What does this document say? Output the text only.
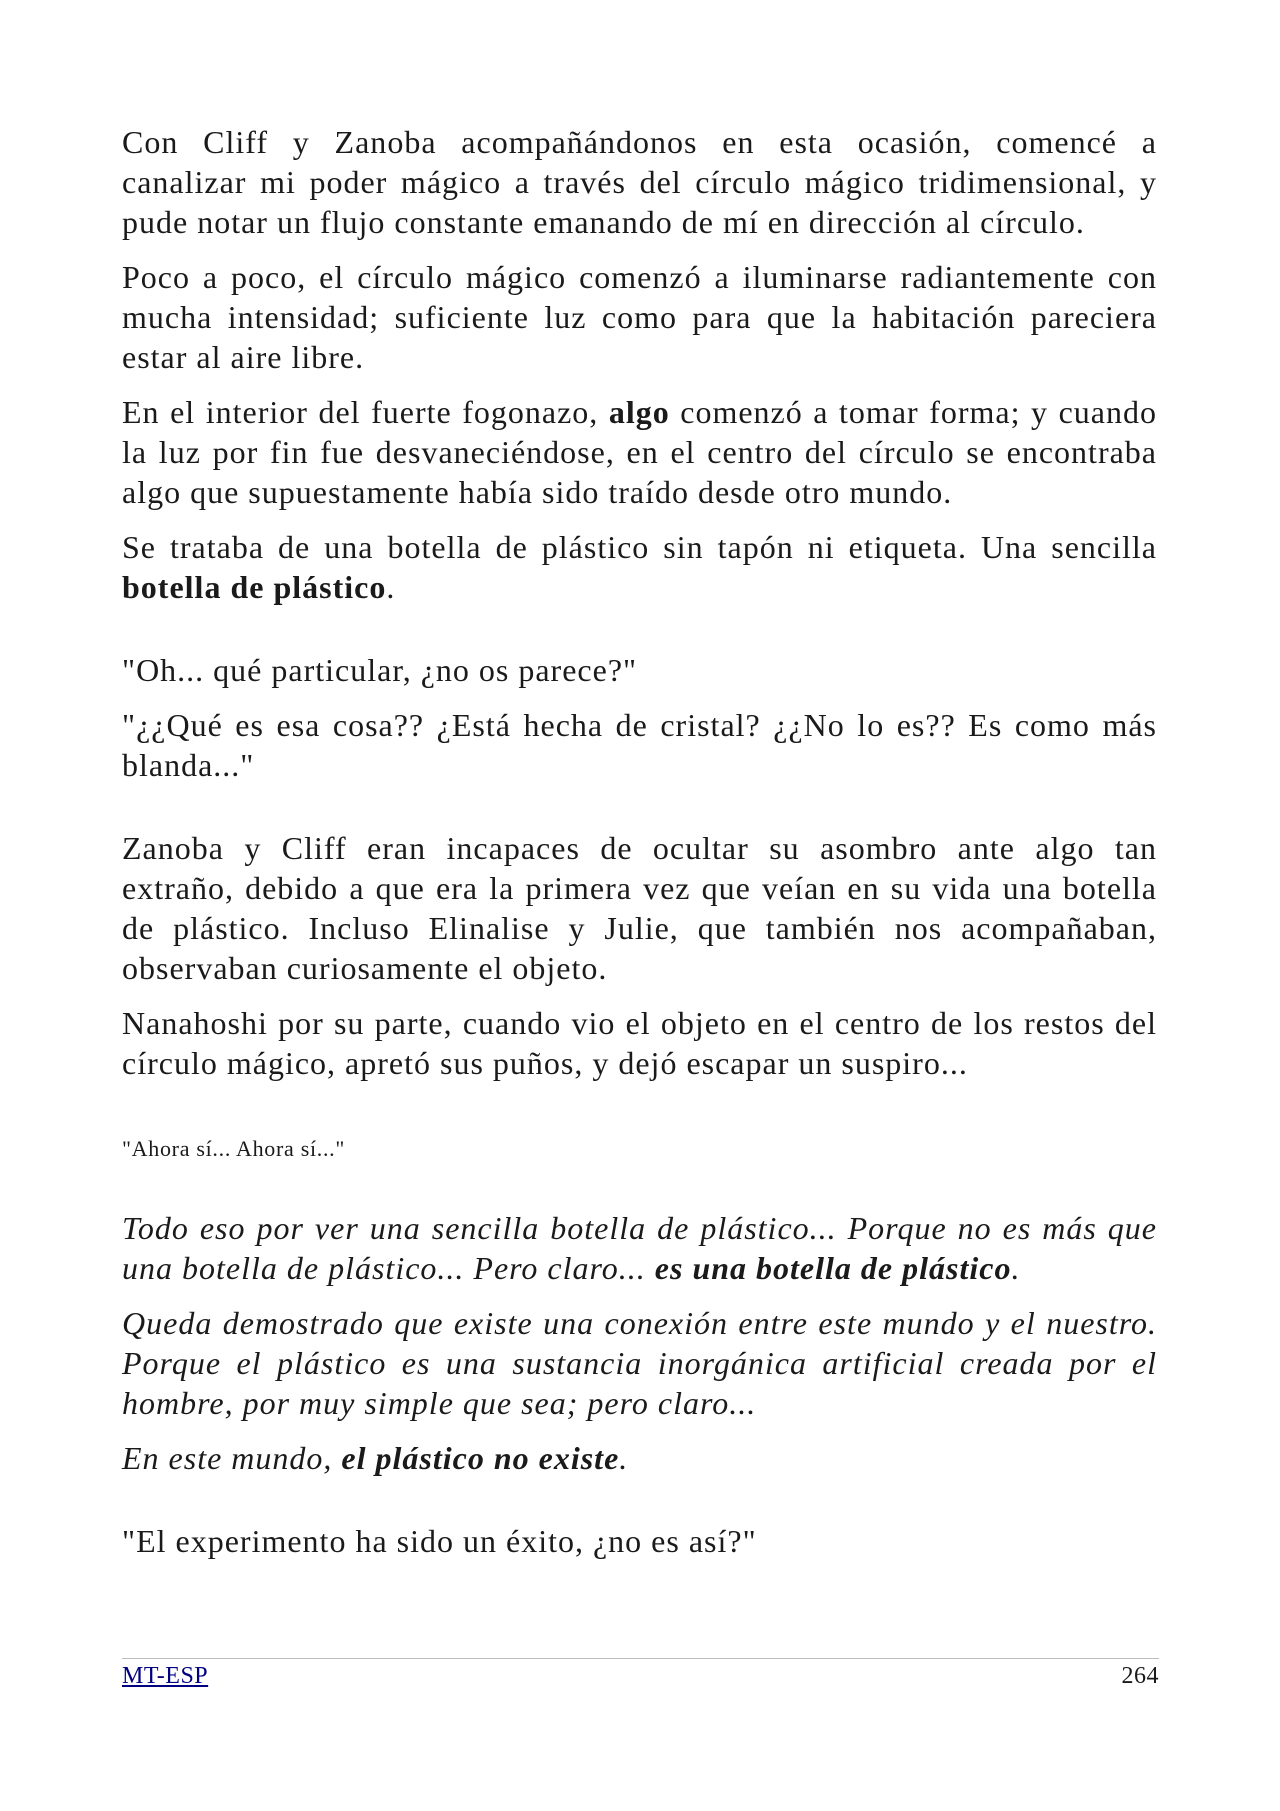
Con Cliff y Zanoba acompañándonos en esta ocasión, comencé a
canalizar mi poder mágico a través del círculo mágico tridimensional, y
pude notar un flujo constante emanando de mí en dirección al círculo.
Poco a poco, el círculo mágico comenzó a iluminarse radiantemente con
mucha intensidad; suficiente luz como para que la habitación pareciera
estar al aire libre.
En el interior del fuerte fogonazo, algo comenzó a tomar forma; y cuando
la luz por fin fue desvaneciéndose, en el centro del círculo se encontraba
algo que supuestamente había sido traído desde otro mundo.
Se trataba de una botella de plástico sin tapón ni etiqueta. Una sencilla
botella de plástico.
"Oh... qué particular, ¿no os parece?"
"¿¿Qué es esa cosa?? ¿Está hecha de cristal? ¿¿No lo es?? Es como más
blanda..."
Zanoba y Cliff eran incapaces de ocultar su asombro ante algo tan
extraño, debido a que era la primera vez que veían en su vida una botella
de plástico. Incluso Elinalise y Julie, que también nos acompañaban,
observaban curiosamente el objeto.
Nanahoshi por su parte, cuando vio el objeto en el centro de los restos del
círculo mágico, apretó sus puños, y dejó escapar un suspiro...
"Ahora sí... Ahora sí..."
Todo eso por ver una sencilla botella de plástico... Porque no es más que
una botella de plástico... Pero claro... es una botella de plástico.
Queda demostrado que existe una conexión entre este mundo y el nuestro.
Porque el plástico es una sustancia inorgánica artificial creada por el
hombre, por muy simple que sea; pero claro...
En este mundo, el plástico no existe.
"El experimento ha sido un éxito, ¿no es así?"
MT-ESP	264
